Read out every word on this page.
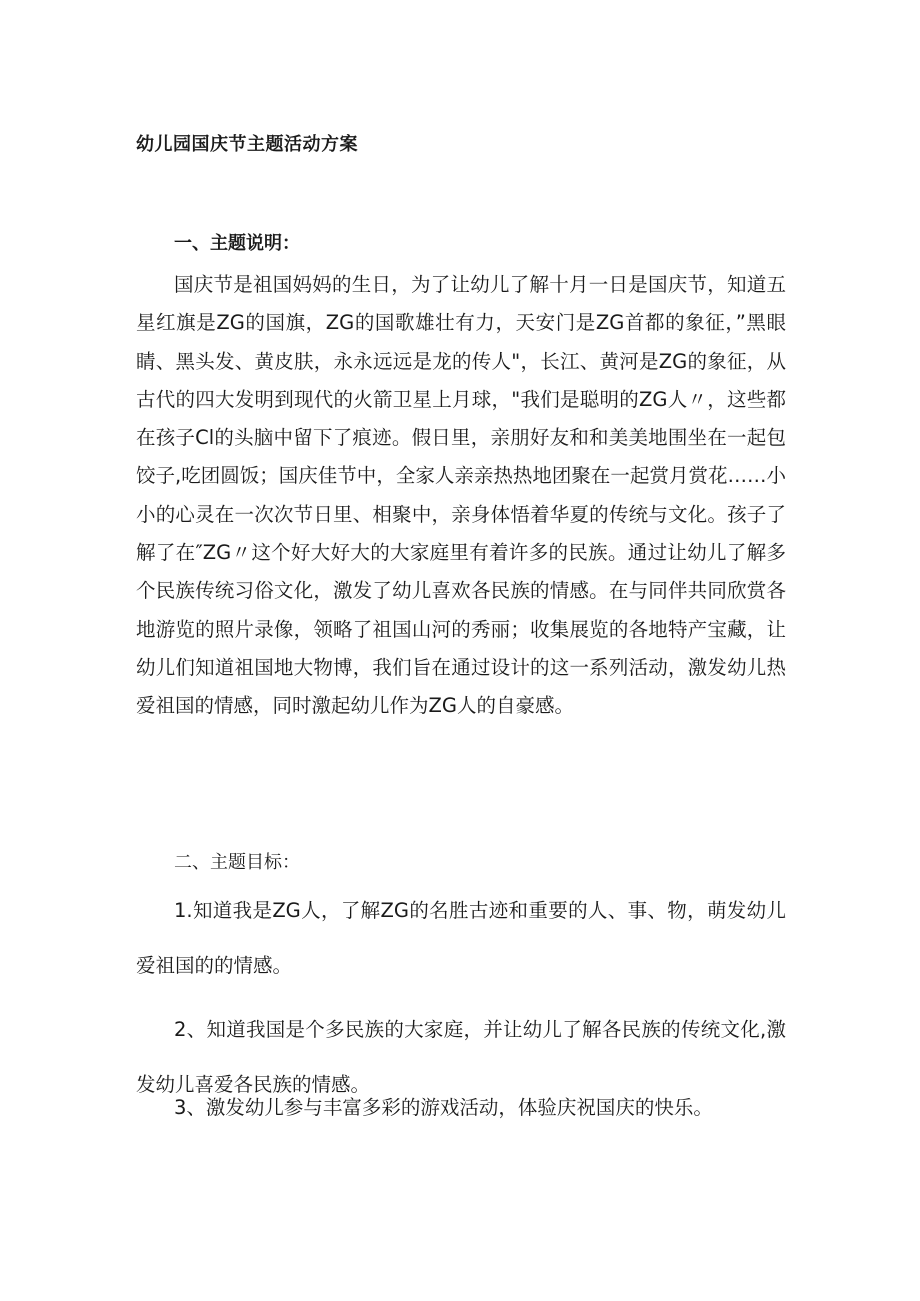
幼儿园国庆节主题活动方案
一、主题说明：

国庆节是祖国妈妈的生日，为了让幼儿了解十月一日是国庆节，知道五星红旗是ZG的国旗，ZG的国歌雄壮有力，天安门是ZG首都的象征，”黑眼睛、黑头发、黄皮肤，永永远远是龙的传人"，长江、黄河是ZG的象征，从古代的四大发明到现代的火箭卫星上月球，"我们是聪明的ZG人〃，这些都在孩子Cl的头脑中留下了痕迹。假日里，亲朋好友和和美美地围坐在一起包饺子,吃团圆饭；国庆佳节中，全家人亲亲热热地团聚在一起赏月赏花……小小的心灵在一次次节日里、相聚中，亲身体悟着华夏的传统与文化。孩子了解了在″ZG〃这个好大好大的大家庭里有着许多的民族。通过让幼儿了解多个民族传统习俗文化，激发了幼儿喜欢各民族的情感。在与同伴共同欣赏各地游览的照片录像，领略了祖国山河的秀丽；收集展览的各地特产宝藏，让幼儿们知道祖国地大物博，我们旨在通过设计的这一系列活动，激发幼儿热爱祖国的情感，同时激起幼儿作为ZG人的自豪感。

二、主题目标：

1.知道我是ZG人，了解ZG的名胜古迹和重要的人、事、物，萌发幼儿爱祖国的的情感。

2、知道我国是个多民族的大家庭，并让幼儿了解各民族的传统文化,激发幼儿喜爱各民族的情感。

3、激发幼儿参与丰富多彩的游戏活动，体验庆祝国庆的快乐。
